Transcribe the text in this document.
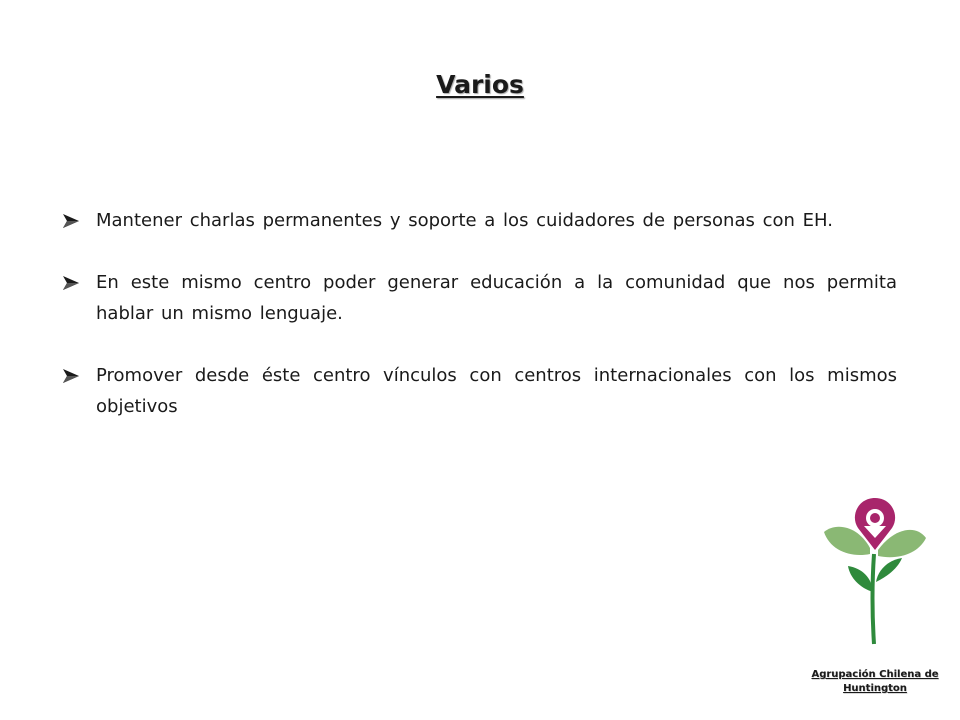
Varios
Mantener charlas permanentes y soporte a los cuidadores de personas con EH.
En este mismo centro poder generar educación a la comunidad que nos permita hablar un mismo lenguaje.
Promover desde éste centro vínculos con centros internacionales con los mismos objetivos
Agrupación Chilena de Huntington
